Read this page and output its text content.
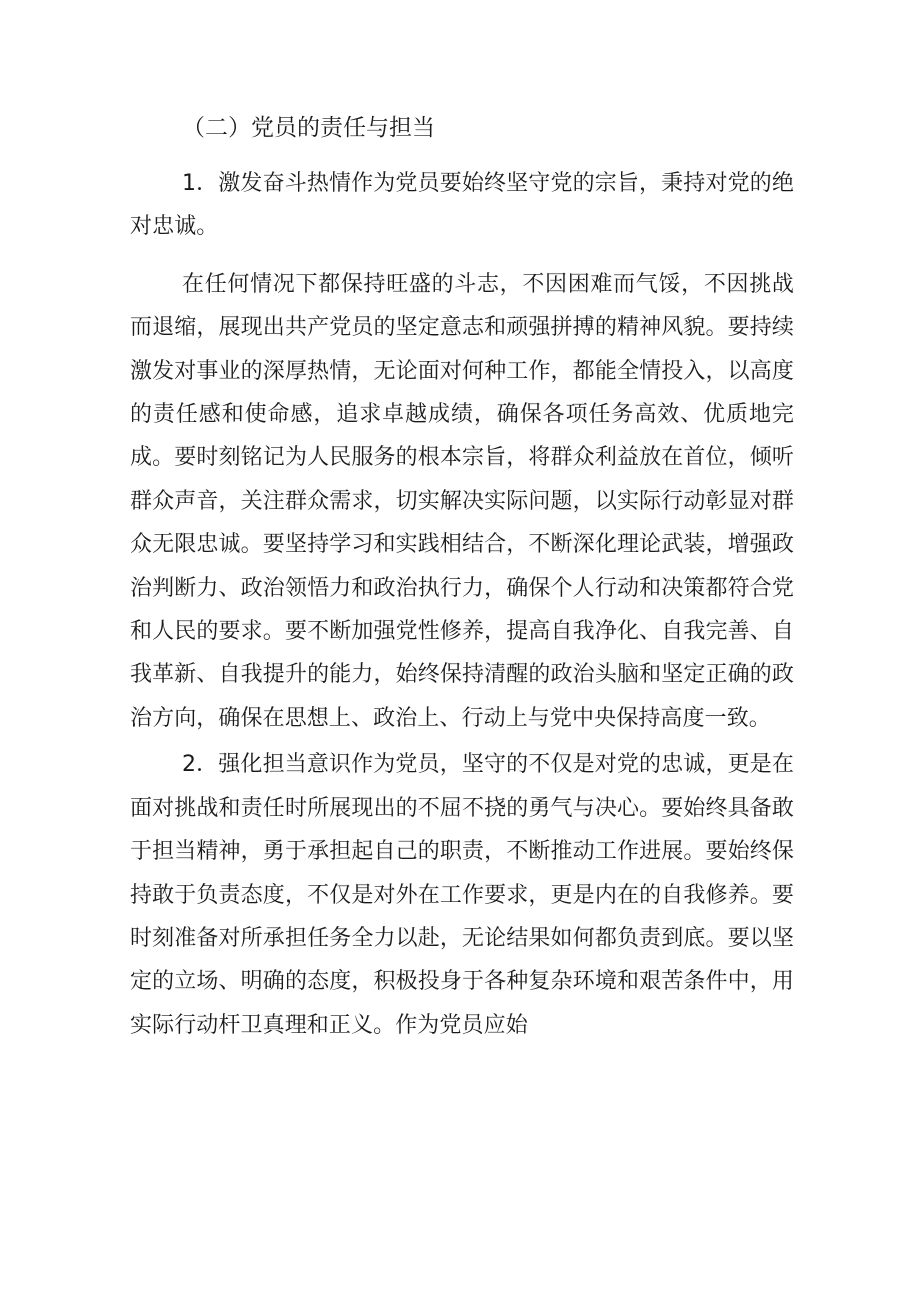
（二）党员的责任与担当

1．激发奋斗热情作为党员要始终坚守党的宗旨，秉持对党的绝对忠诚。

在任何情况下都保持旺盛的斗志，不因困难而气馁，不因挑战而退缩，展现出共产党员的坚定意志和顽强拼搏的精神风貌。要持续激发对事业的深厚热情，无论面对何种工作，都能全情投入，以高度的责任感和使命感，追求卓越成绩，确保各项任务高效、优质地完成。要时刻铭记为人民服务的根本宗旨，将群众利益放在首位，倾听群众声音，关注群众需求，切实解决实际问题，以实际行动彰显对群众无限忠诚。要坚持学习和实践相结合，不断深化理论武装，增强政治判断力、政治领悟力和政治执行力，确保个人行动和决策都符合党和人民的要求。要不断加强党性修养，提高自我净化、自我完善、自我革新、自我提升的能力，始终保持清醒的政治头脑和坚定正确的政治方向，确保在思想上、政治上、行动上与党中央保持高度一致。

2．强化担当意识作为党员，坚守的不仅是对党的忠诚，更是在面对挑战和责任时所展现出的不屈不挠的勇气与决心。要始终具备敢于担当精神，勇于承担起自己的职责，不断推动工作进展。要始终保持敢于负责态度，不仅是对外在工作要求，更是内在的自我修养。要时刻准备对所承担任务全力以赴，无论结果如何都负责到底。要以坚定的立场、明确的态度，积极投身于各种复杂环境和艰苦条件中，用实际行动杆卫真理和正义。作为党员应始
